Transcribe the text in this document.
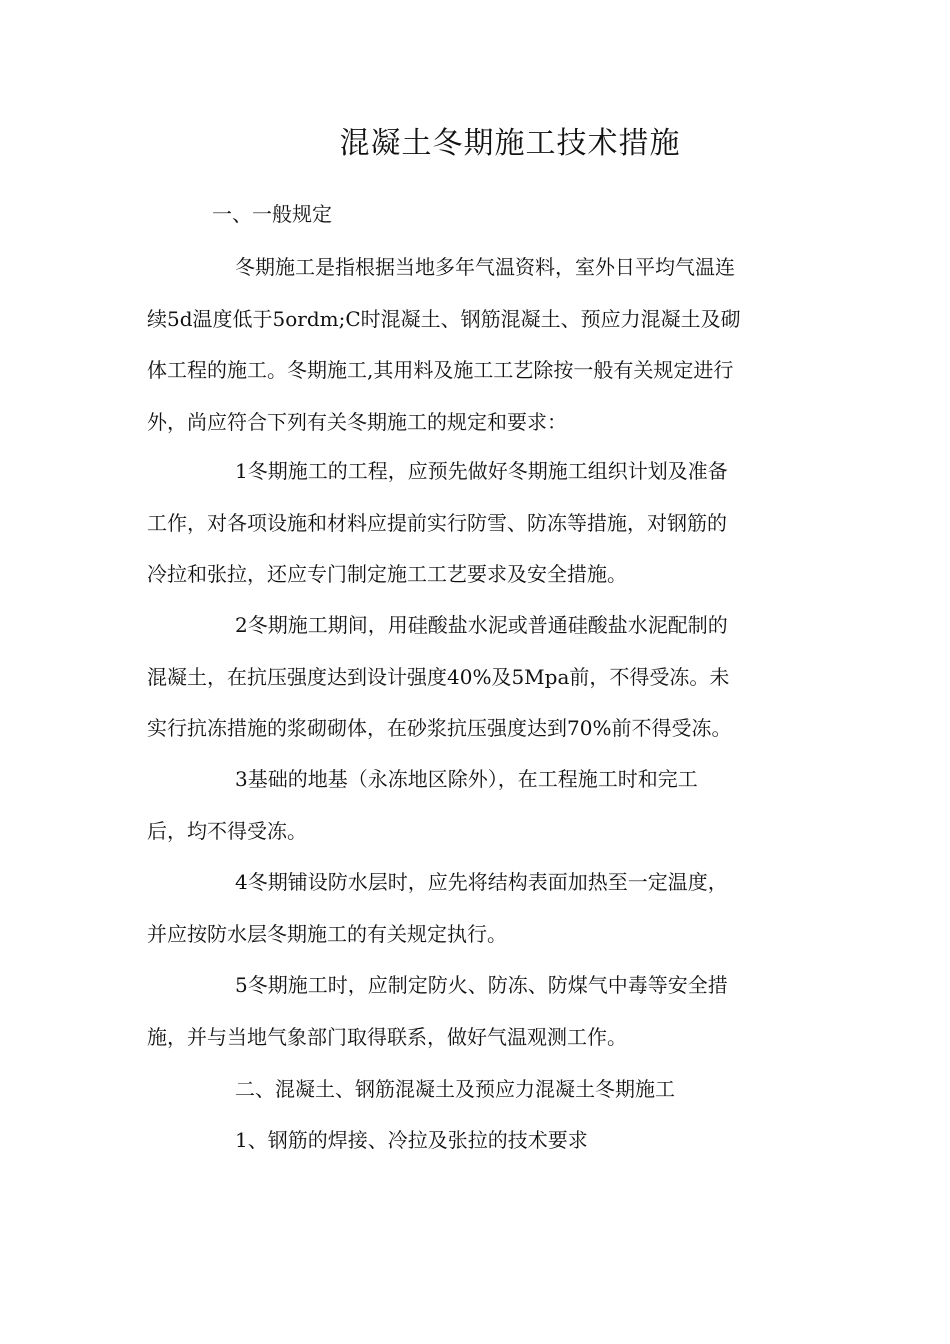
混凝土冬期施工技术措施
一、一般规定
冬期施工是指根据当地多年气温资料，室外日平均气温连
续5d温度低于5ordm;C时混凝土、钢筋混凝土、预应力混凝土及砌
体工程的施工。冬期施工,其用料及施工工艺除按一般有关规定进行
外，尚应符合下列有关冬期施工的规定和要求：
1冬期施工的工程，应预先做好冬期施工组织计划及准备
工作，对各项设施和材料应提前实行防雪、防冻等措施，对钢筋的
冷拉和张拉，还应专门制定施工工艺要求及安全措施。
2冬期施工期间，用硅酸盐水泥或普通硅酸盐水泥配制的
混凝土，在抗压强度达到设计强度40%及5Mpa前，不得受冻。未
实行抗冻措施的浆砌砌体，在砂浆抗压强度达到70%前不得受冻。
3基础的地基（永冻地区除外），在工程施工时和完工
后，均不得受冻。
4冬期铺设防水层时，应先将结构表面加热至一定温度，
并应按防水层冬期施工的有关规定执行。
5冬期施工时，应制定防火、防冻、防煤气中毒等安全措
施，并与当地气象部门取得联系，做好气温观测工作。
二、混凝土、钢筋混凝土及预应力混凝土冬期施工
1、钢筋的焊接、冷拉及张拉的技术要求
